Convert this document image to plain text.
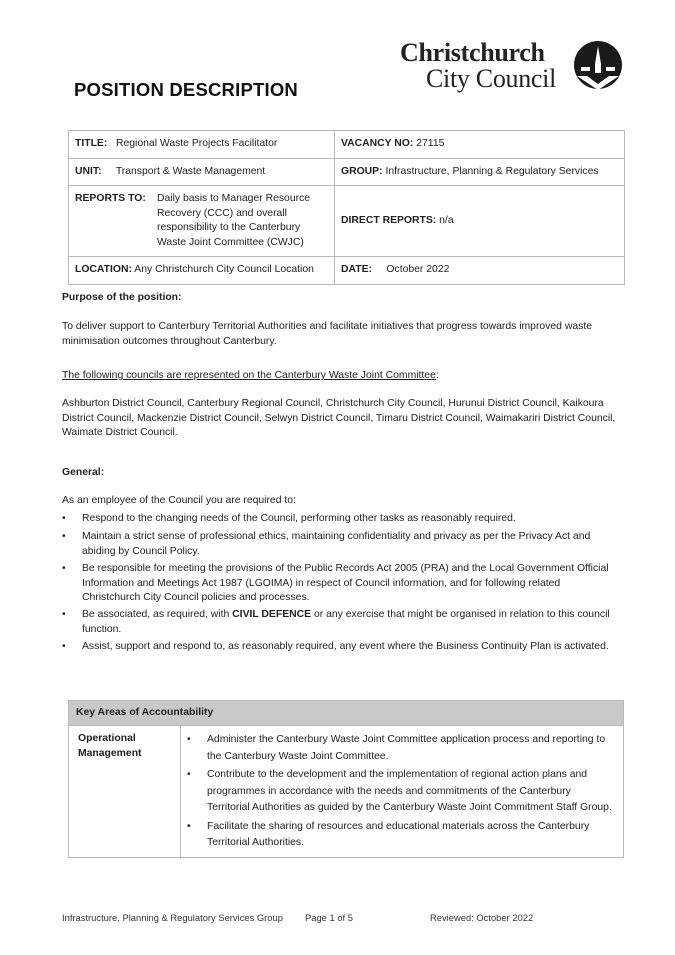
Christchurch
City Council
POSITION DESCRIPTION
TITLE: Regional Waste Projects Facilitator	VACANCY NO: 27115
UNIT: Transport & Waste Management	GROUP: Infrastructure, Planning & Regulatory Services

REPORTS TO: Daily basis to Manager Resource Recovery (CCC) and overall responsibility to the Canterbury Waste Joint Committee (CWJC)	DIRECT REPORTS: n/a
LOCATION: Any Christchurch City Council Location	DATE: October 2022
Purpose of the position:
To deliver support to Canterbury Territorial Authorities and facilitate initiatives that progress towards improved waste minimisation outcomes throughout Canterbury.
The following councils are represented on the Canterbury Waste Joint Committee:
Ashburton District Council, Canterbury Regional Council, Christchurch City Council, Hurunui District Council, Kaikoura District Council, Mackenzie District Council, Selwyn District Council, Timaru District Council, Waimakariri District Council, Waimate District Council.
General:
As an employee of the Council you are required to:
• Respond to the changing needs of the Council, performing other tasks as reasonably required.
• Maintain a strict sense of professional ethics, maintaining confidentiality and privacy as per the Privacy Act and abiding by Council Policy.
• Be responsible for meeting the provisions of the Public Records Act 2005 (PRA) and the Local Government Official Information and Meetings Act 1987 (LGOIMA) in respect of Council information, and for following related Christchurch City Council policies and processes.
• Be associated, as required, with CIVIL DEFENCE or any exercise that might be organised in relation to this council function.
• Assist, support and respond to, as reasonably required, any event where the Business Continuity Plan is activated.
Key Areas of Accountability
Operational Management
• Administer the Canterbury Waste Joint Committee application process and reporting to the Canterbury Waste Joint Committee.
• Contribute to the development and the implementation of regional action plans and programmes in accordance with the needs and commitments of the Canterbury Territorial Authorities as guided by the Canterbury Waste Joint Commitment Staff Group.
• Facilitate the sharing of resources and educational materials across the Canterbury Territorial Authorities.
Infrastructure, Planning & Regulatory Services Group Page 1 of 5	Reviewed: October 2022
